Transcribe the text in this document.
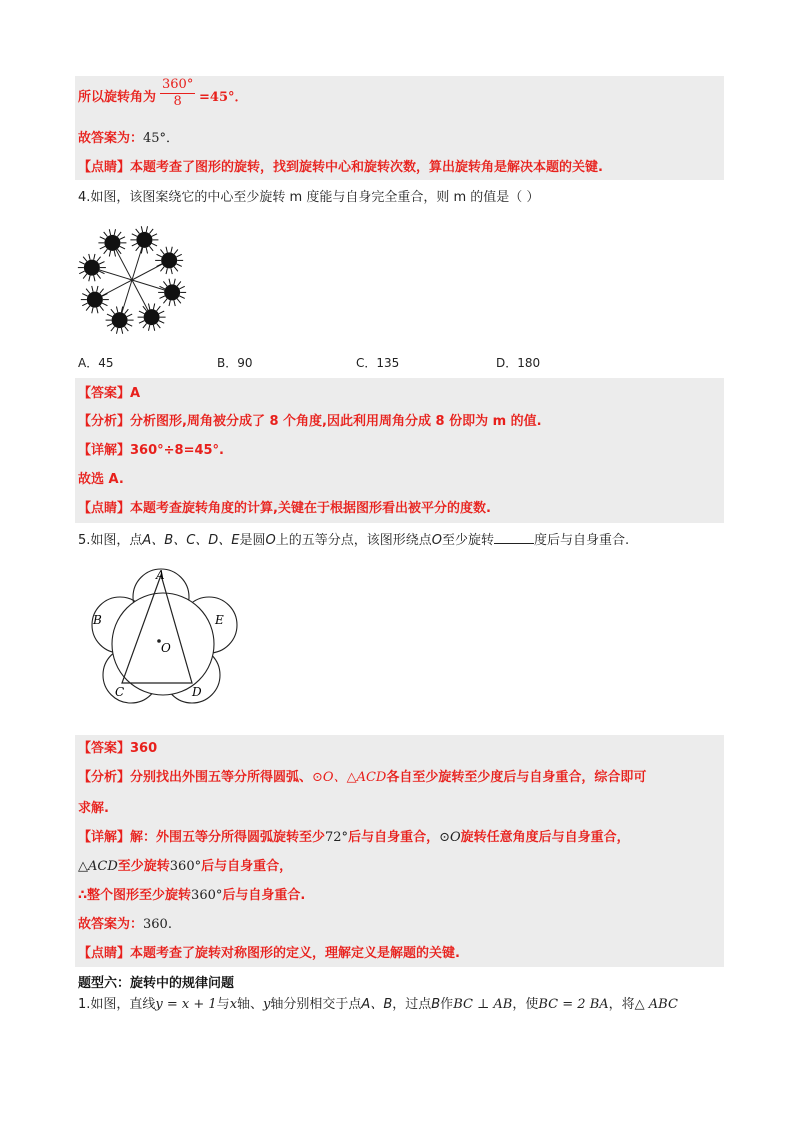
所以旋转角为 $\frac{360^\circ}{8} =45^\circ$．
故答案为：45°．
【点睛】本题考查了图形的旋转，找到旋转中心和旋转次数，算出旋转角是解决本题的关键.
4.如图，该图案绕它的中心至少旋转 m 度能与自身完全重合，则 m 的值是（ ）
A．45	B．90	C．135	D．180
【答案】A
【分析】分析图形,周角被分成了 8 个角度,因此利用周角分成 8 份即为 m 的值.
【详解】360°÷8=45°.
故选 A.
【点睛】本题考查旋转角度的计算,关键在于根据图形看出被平分的度数.
5.如图，点A、B、C、D、E是圆O上的五等分点，该图形绕点O至少旋转	度后与自身重合.
A
B
C	D
E
O
【答案】360
【分析】分别找出外围五等分所得圆弧、⊙O、△ACD各自至少旋转至少度后与自身重合，综合即可
求解.
【详解】解：外围五等分所得圆弧旋转至少72°后与自身重合，⊙O旋转任意角度后与自身重合，
△ACD至少旋转360°后与自身重合，
∴整个图形至少旋转360°后与自身重合.
故答案为：360.
【点睛】本题考查了旋转对称图形的定义，理解定义是解题的关键.
题型六：旋转中的规律问题
1.如图，直线y = x + 1与x轴、y轴分别相交于点A、B，过点B作BC ⊥ AB，使BC = 2 BA，将△ ABC
